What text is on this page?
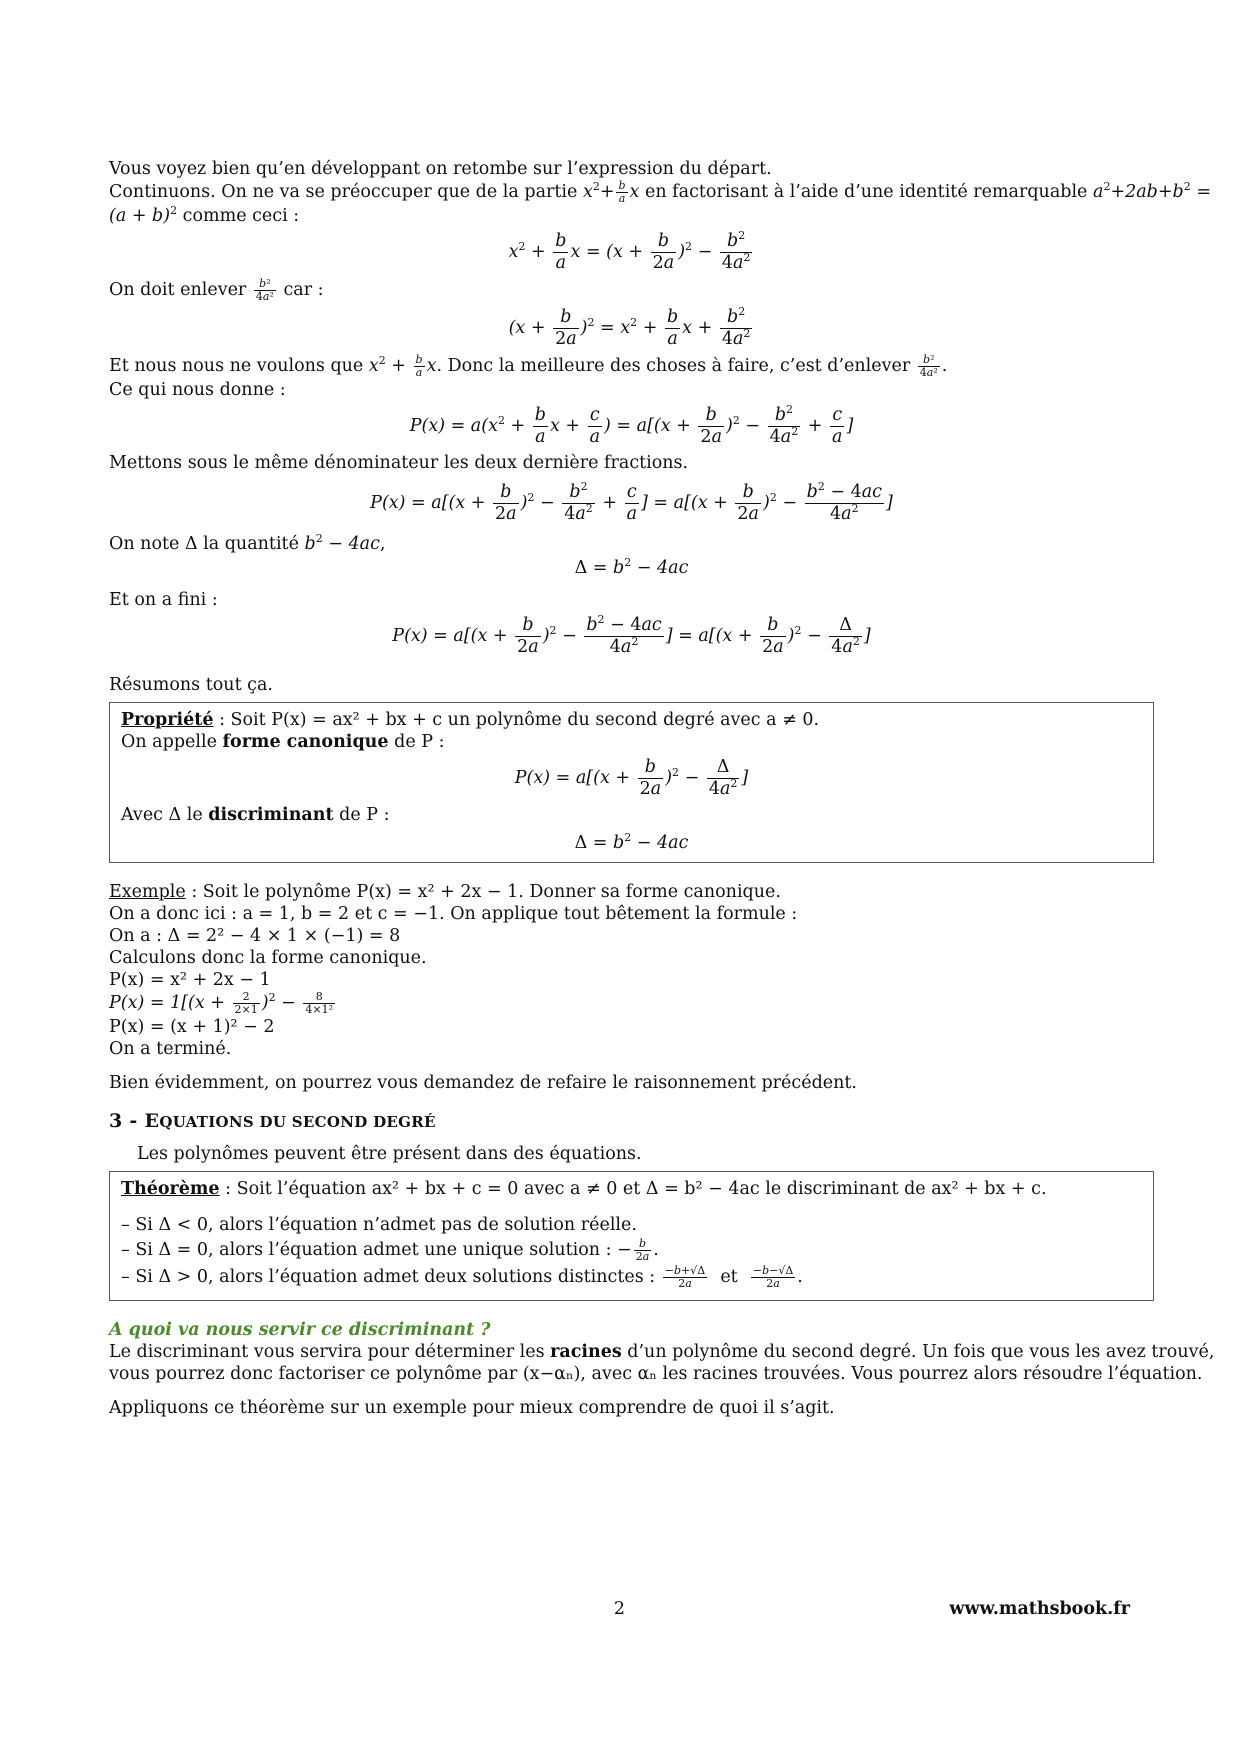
Vous voyez bien qu’en développant on retombe sur l’expression du départ.
Continuons. On ne va se préoccuper que de la partie $x^2+ \frac{b}{a}$ x en factorisant à l’aide d’une identité remarquable $a^2+2ab+b^2$ =
$(a + b)^2$ comme ceci :
$x^2 + \frac{b}{a}$ $x = (x + \frac{b}{2a} )^2 - \frac{b^2}{4a^2}$
On doit enlever $\frac{\text{b²}}{\text{4a²}}$ car :
$(x + \frac{b}{2a} )^2 = x^2 + \frac{b}{a}$ $x + \frac{b^2}{4a^2}$
Et nous nous ne voulons que $x^2 + \frac{b}{a} x$. Donc la meilleure des choses à faire, c’est d’enlever $\frac{\text{b²}}{\text{4a²}}$ .
Ce qui nous donne :
$P(x) = a(x^2 + \frac{b}{a}$ $x + \frac{c}{a}$ ) = $a[(x + \frac{b}{2a} )^2 - \frac{b^2}{4a^2} + \frac{c}{a}$ ]
Mettons sous le même dénominateur les deux dernière fractions.
$P(x) = a[(x + \frac{b}{2a} )^2 - \frac{b^2}{4a^2} + \frac{c}{a}$ ] = $a[(x + \frac{b}{2a} )^2 - \frac{b^2 - 4ac}{4a^2}$ ]
On note Δ la quantité $b^2 - 4ac$,
$\Delta = b^2 - 4ac$
Et on a fini :
$P(x) = a[(x + \frac{b}{2a} )^2 - \frac{b^2 - 4ac}{4a^2}$ ] = $a[(x + \frac{b}{2a} )^2 - \frac{\Delta}{4a^2}$ ]
Résumons tout ça.
Propriété : Soit P(x) = ax² + bx + c un polynôme du second degré avec a ≠ 0.
On appelle forme canonique de P :
$P(x) = a[(x + \frac{b}{2a} )^2 - \frac{\Delta}{4a^2}$ ]
Avec Δ le discriminant de P :
$\Delta = b^2 - 4ac$
Exemple : Soit le polynôme P(x) = x² + 2x − 1. Donner sa forme canonique.
On a donc ici : a = 1, b = 2 et c = −1. On applique tout bêtement la formule :
On a : Δ = 2² − 4 × 1 × (−1) = 8
Calculons donc la forme canonique.
P(x) = x² + 2x − 1
$P(x) = 1[(x + \frac{2}{2\times 1} )^2 - \frac{8}{\text{4×1²}}$
P(x) = (x + 1)² − 2
On a terminé.
Bien évidemment, on pourrez vous demandez de refaire le raisonnement précédent.
3 - EQUATIONS DU SECOND DEGRÉ
Les polynômes peuvent être présent dans des équations.
Théorème : Soit l’équation ax² + bx + c = 0 avec a ≠ 0 et Δ = b² − 4ac le discriminant de ax² + bx + c.
– Si Δ < 0, alors l’équation n’admet pas de solution réelle.
– Si Δ = 0, alors l’équation admet une unique solution : − $\frac{b}{2a}$ .
– Si Δ > 0, alors l’équation admet deux solutions distinctes : $\frac{-b+√\Delta}{2a}$ et $\frac{-b-√\Delta}{2a}$ .
A quoi va nous servir ce discriminant ?
Le discriminant vous servira pour déterminer les racines d’un polynôme du second degré. Un fois que vous les avez trouvé,
vous pourrez donc factoriser ce polynôme par (x−αₙ), avec αₙ les racines trouvées. Vous pourrez alors résoudre l’équation.
Appliquons ce théorème sur un exemple pour mieux comprendre de quoi il s’agit.
2	www.mathsbook.fr
